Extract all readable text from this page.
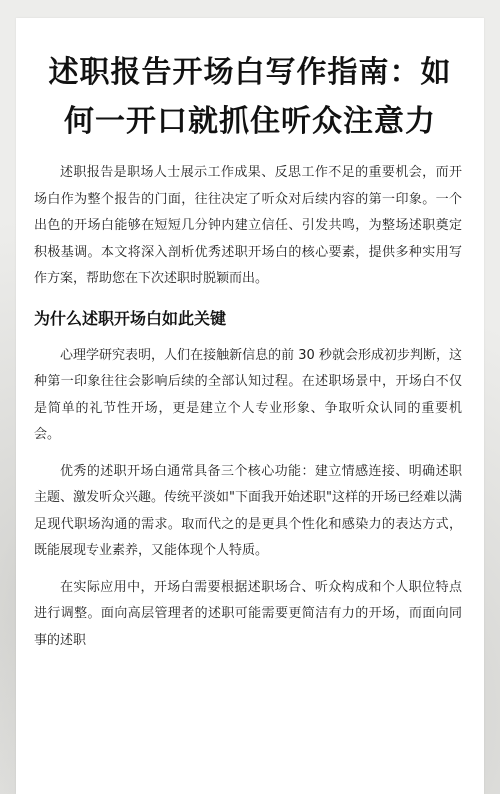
述职报告开场白写作指南：如何一开口就抓住听众注意力

述职报告是职场人士展示工作成果、反思工作不足的重要机会，而开场白作为整个报告的门面，往往决定了听众对后续内容的第一印象。一个出色的开场白能够在短短几分钟内建立信任、引发共鸣，为整场述职奠定积极基调。本文将深入剖析优秀述职开场白的核心要素，提供多种实用写作方案，帮助您在下次述职时脱颖而出。

为什么述职开场白如此关键

心理学研究表明，人们在接触新信息的前 30 秒就会形成初步判断，这种第一印象往往会影响后续的全部认知过程。在述职场景中，开场白不仅是简单的礼节性开场，更是建立个人专业形象、争取听众认同的重要机会。

优秀的述职开场白通常具备三个核心功能：建立情感连接、明确述职主题、激发听众兴趣。传统平淡如"下面我开始述职"这样的开场已经难以满足现代职场沟通的需求。取而代之的是更具个性化和感染力的表达方式，既能展现专业素养，又能体现个人特质。

在实际应用中，开场白需要根据述职场合、听众构成和个人职位特点进行调整。面向高层管理者的述职可能需要更简洁有力的开场，而面向同事的述职
